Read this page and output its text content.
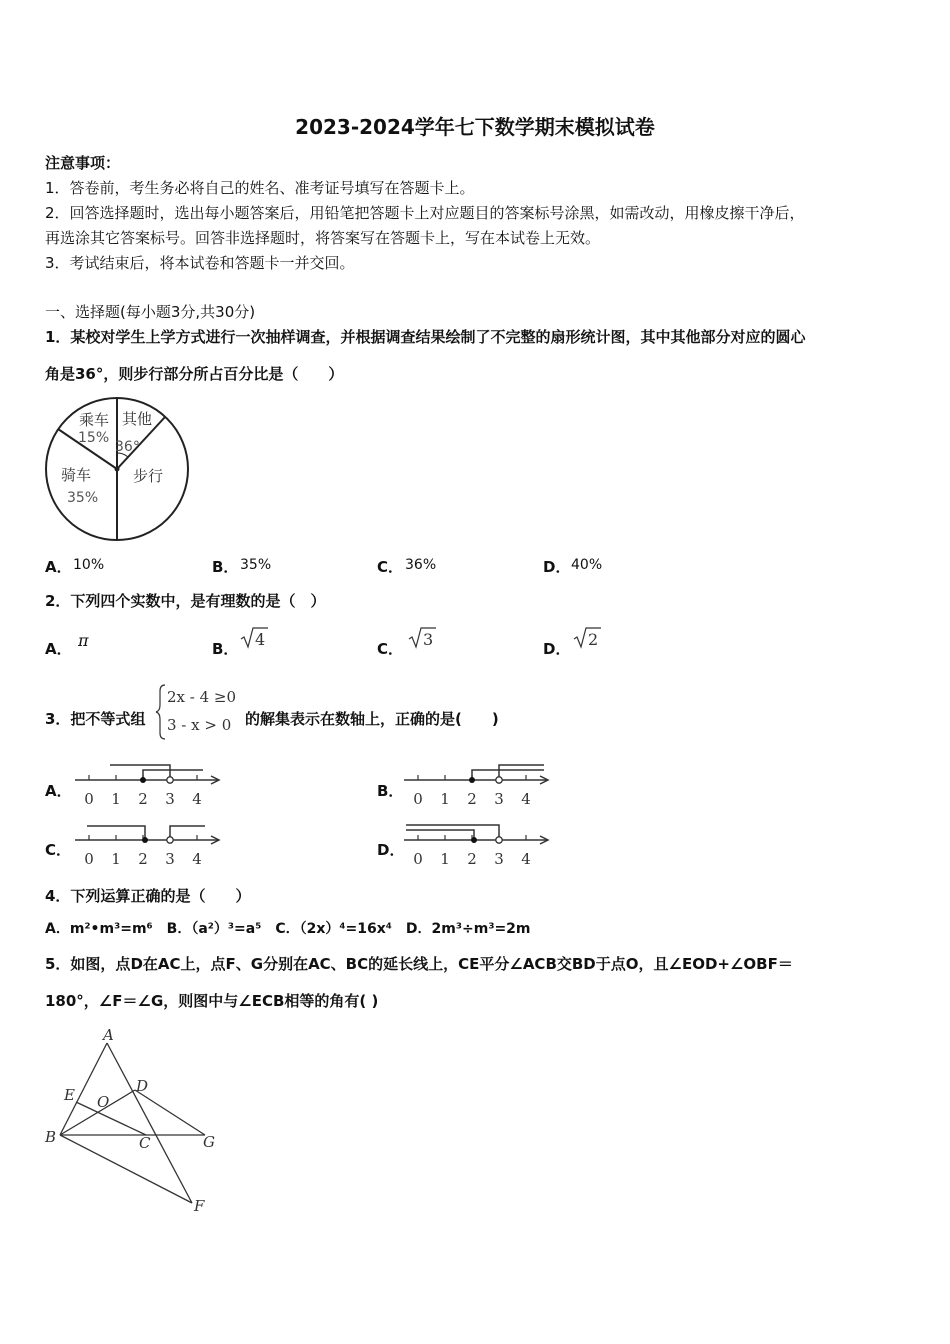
2023-2024学年七下数学期末模拟试卷
注意事项：
1．答卷前，考生务必将自己的姓名、准考证号填写在答题卡上。
2．回答选择题时，选出每小题答案后，用铅笔把答题卡上对应题目的答案标号涂黑，如需改动，用橡皮擦干净后，
再选涂其它答案标号。回答非选择题时，将答案写在答题卡上，写在本试卷上无效。
3．考试结束后，将本试卷和答题卡一并交回。
一、选择题(每小题3分,共30分)
1．某校对学生上学方式进行一次抽样调查，并根据调查结果绘制了不完整的扇形统计图，其中其他部分对应的圆心
角是36°，则步行部分所占百分比是（　　）
乘车
15%
其他
36°
步行
骑车
35%
A． 10%	B． 35%	C． 36%	D． 40%
2．下列四个实数中，是有理数的是（　）
A． π	B． 4	C． 3	D． 2
3．把不等式组
2x - 4 ≥0
3 - x > 0 的解集表示在数轴上，正确的是(　　)
A． 0 1 2 3 4	B． 0 1 2 3 4
C． 0 1 2 3 4	D． 0 1 2 3 4
4．下列运算正确的是（　　）
A．m²•m³=m⁶　B．（a²）³=a⁵　C．（2x）⁴=16x⁴　D．2m³÷m³=2m
5．如图，点D在AC上，点F、G分别在AC、BC的延长线上，CE平分∠ACB交BD于点O，且∠EOD+∠OBF＝
180°，∠F＝∠G，则图中与∠ECB相等的角有( )
A
E O
D
B	C	G
F
